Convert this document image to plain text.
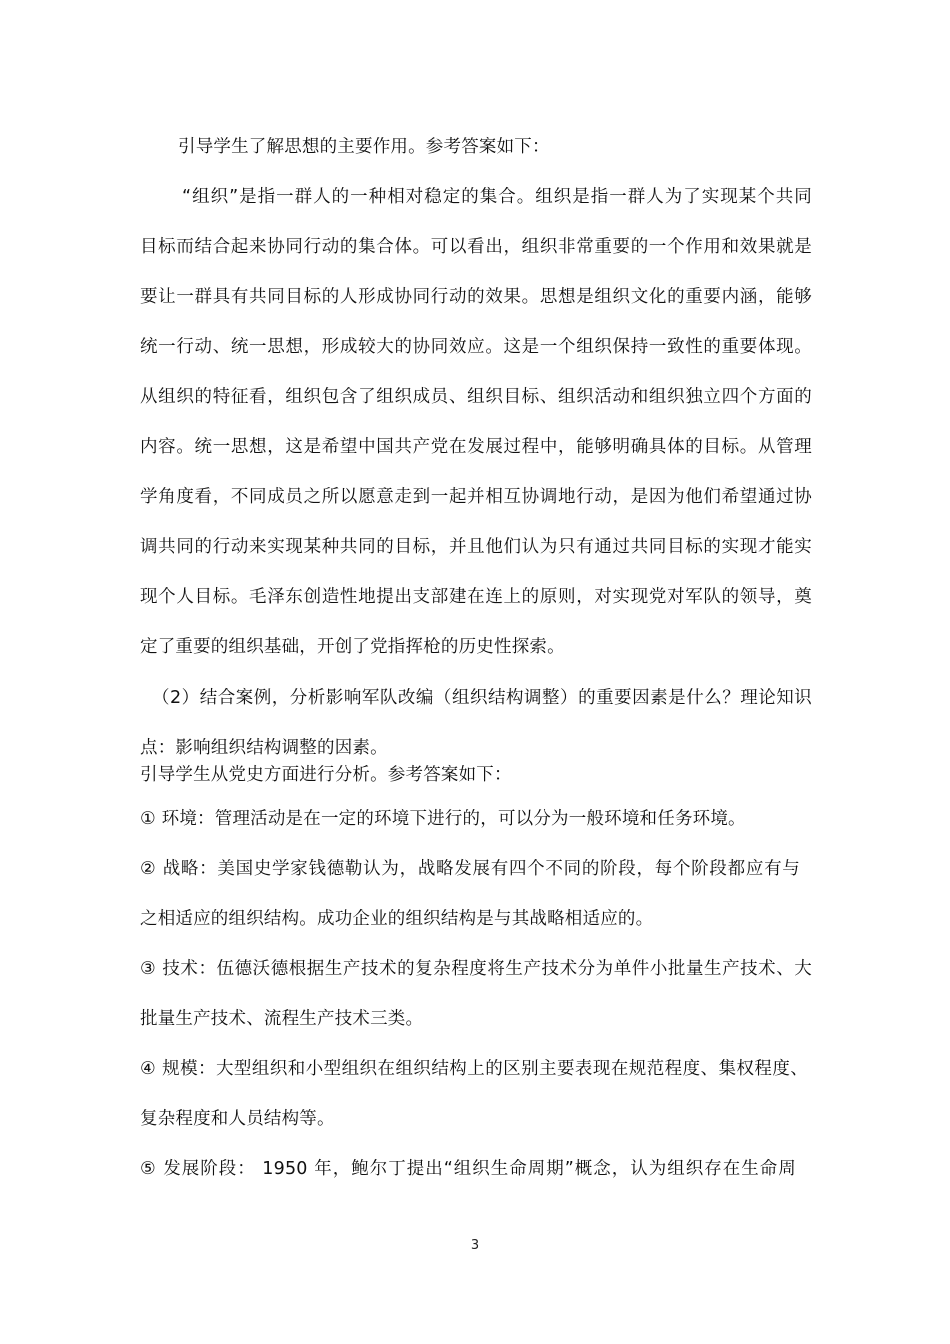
引导学生了解思想的主要作用。参考答案如下：
“组织”是指一群人的一种相对稳定的集合。组织是指一群人为了实现某个共同
目标而结合起来协同行动的集合体。可以看出，组织非常重要的一个作用和效果就是
要让一群具有共同目标的人形成协同行动的效果。思想是组织文化的重要内涵，能够
统一行动、统一思想，形成较大的协同效应。这是一个组织保持一致性的重要体现。
从组织的特征看，组织包含了组织成员、组织目标、组织活动和组织独立四个方面的
内容。统一思想，这是希望中国共产党在发展过程中，能够明确具体的目标。从管理
学角度看，不同成员之所以愿意走到一起并相互协调地行动，是因为他们希望通过协
调共同的行动来实现某种共同的目标，并且他们认为只有通过共同目标的实现才能实
现个人目标。毛泽东创造性地提出支部建在连上的原则，对实现党对军队的领导，奠
定了重要的组织基础，开创了党指挥枪的历史性探索。
（2）结合案例，分析影响军队改编（组织结构调整）的重要因素是什么？理论知识
点：影响组织结构调整的因素。
引导学生从党史方面进行分析。参考答案如下：
① 环境：管理活动是在一定的环境下进行的，可以分为一般环境和任务环境。
② 战略：美国史学家钱德勒认为，战略发展有四个不同的阶段，每个阶段都应有与
之相适应的组织结构。成功企业的组织结构是与其战略相适应的。
③ 技术：伍德沃德根据生产技术的复杂程度将生产技术分为单件小批量生产技术、大
批量生产技术、流程生产技术三类。
④ 规模：大型组织和小型组织在组织结构上的区别主要表现在规范程度、集权程度、
复杂程度和人员结构等。
⑤ 发展阶段： 1950 年，鲍尔丁提出“组织生命周期”概念，认为组织存在生命周
3
